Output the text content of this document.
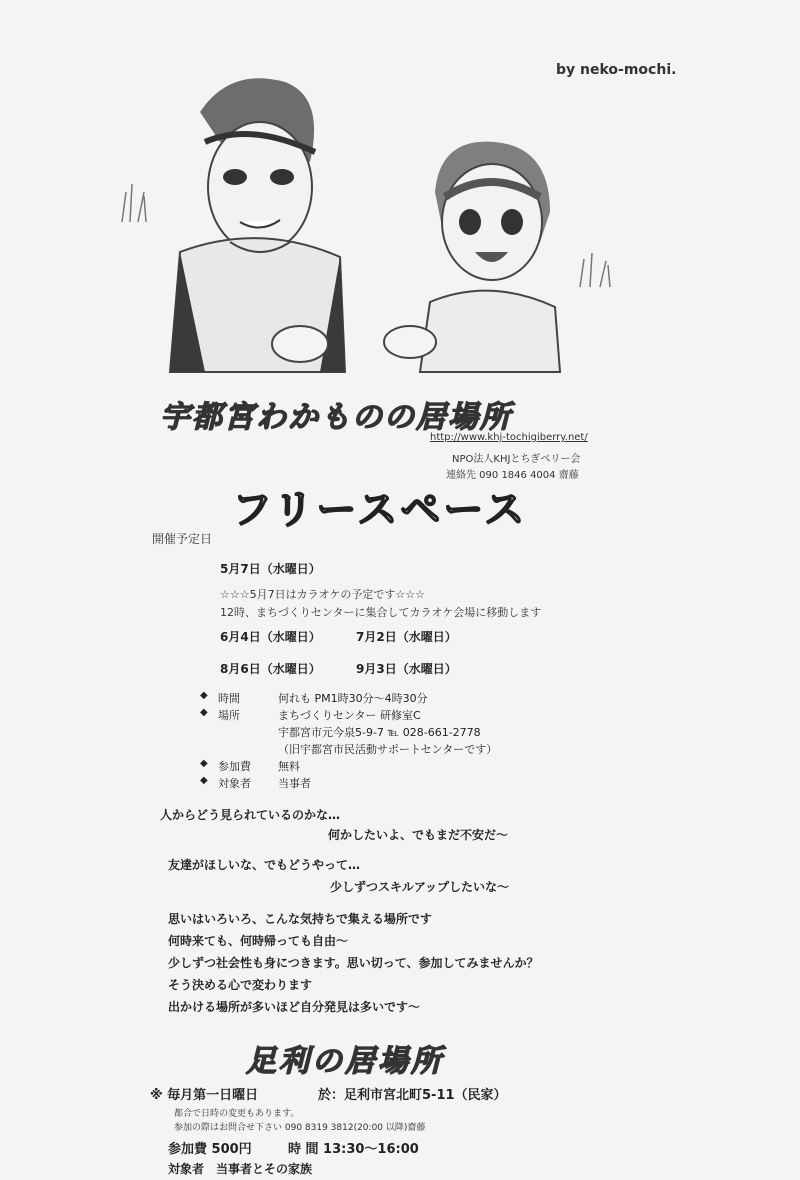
by neko-mochi.
宇都宮わかものの居場所
http://www.khj-tochigiberry.net/
NPO法人KHJとちぎベリー会
連絡先 090 1846 4004 齋藤
フリースペース
開催予定日
5月7日（水曜日）
☆☆☆5月7日はカラオケの予定です☆☆☆
12時、まちづくりセンターに集合してカラオケ会場に移動します
6月4日（水曜日）	7月2日（水曜日）
8月6日（水曜日）	9月3日（水曜日）
◆ 時間	何れも PM1時30分～4時30分
◆ 場所	まちづくりセンター 研修室C
宇都宮市元今泉5-9-7 ℡ 028-661-2778
（旧宇都宮市民活動サポートセンターです）
◆ 参加費 無料
◆ 対象者 当事者
人からどう見られているのかな…
何かしたいよ、でもまだ不安だ～
友達がほしいな、でもどうやって…
少しずつスキルアップしたいな～
思いはいろいろ、こんな気持ちで集える場所です
何時来ても、何時帰っても自由～
少しずつ社会性も身につきます。思い切って、参加してみませんか？
そう決める心で変わります
出かける場所が多いほど自分発見は多いです～
足利の居場所
※ 毎月第一日曜日	於：足利市宮北町5-11（民家）
都合で日時の変更もあります。
参加の際はお問合せ下さい 090 8319 3812(20:00 以降)齋藤
参加費 500円	時 間 13:30～16:00
対象者　当事者とその家族
